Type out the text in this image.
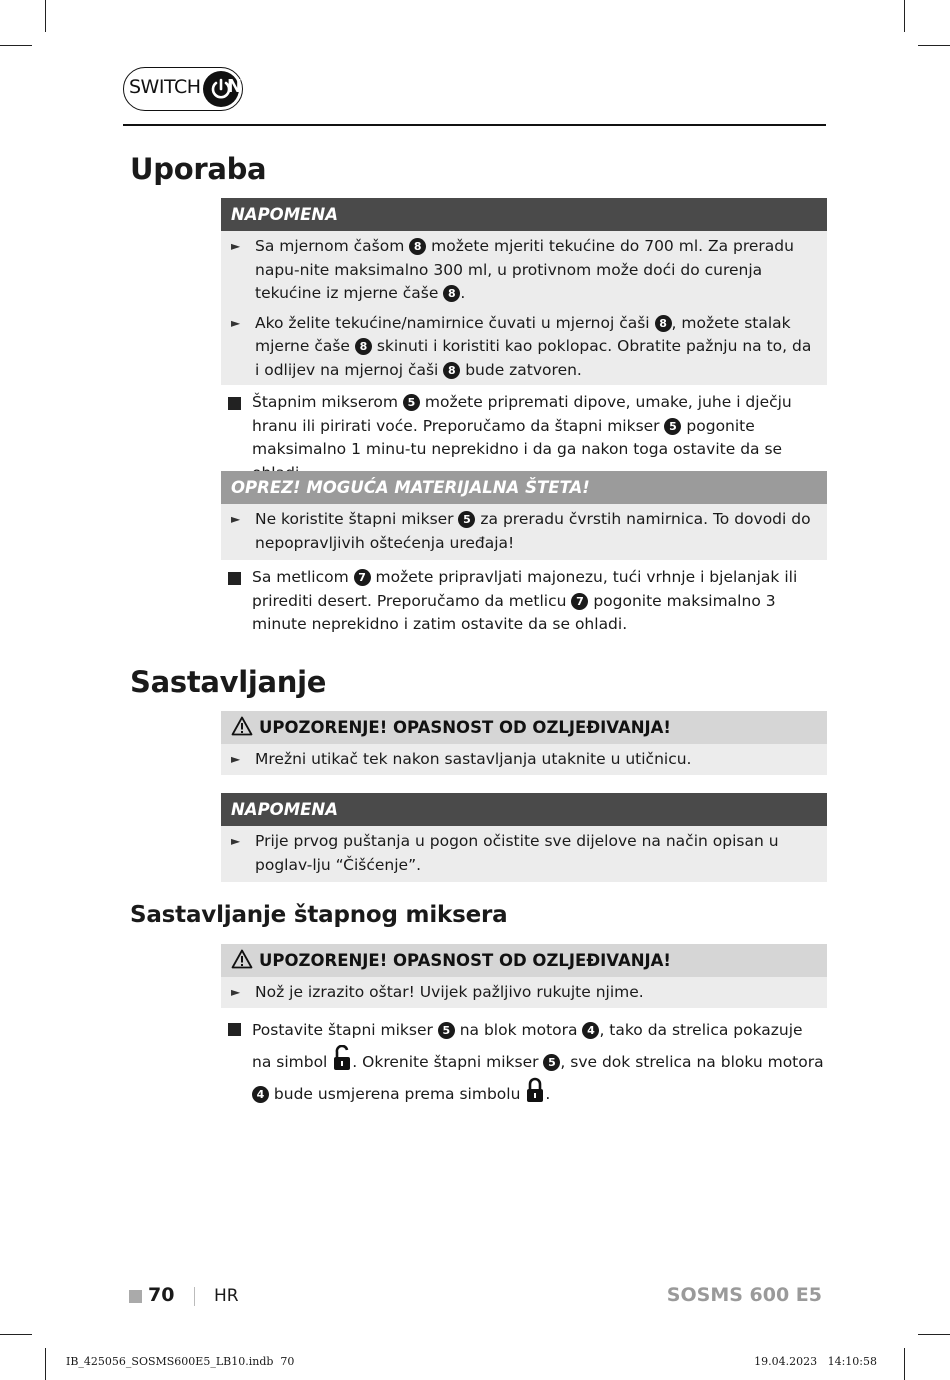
SWITCH N
Uporaba
NAPOMENA

► Sa mjernom čašom 8 možete mjeriti tekućine do 700 ml. Za preradu napu-nite maksimalno 300 ml, u protivnom može doći do curenja tekućine iz mjerne čaše 8 .

► Ako želite tekućine/namirnice čuvati u mjernoj čaši 8 , možete stalak mjerne čaše 8 skinuti i koristiti kao poklopac. Obratite pažnju na to, da i odlijev na mjernoj čaši 8 bude zatvoren.

Štapnim mikserom 5 možete pripremati dipove, umake, juhe i dječju hranu ili pirirati voće. Preporučamo da štapni mikser 5 pogonite maksimalno 1 minu-tu neprekidno i da ga nakon toga ostavite da se

OPREZ! MOGUĆA MATERIJALNA ŠTETA!

► Ne koristite štapni mikser 5 za preradu čvrstih namirnica. To dovodi do nepopravljivih oštećenja uređaja!

Sa metlicom 7 možete pripravljati majonezu, tući vrhnje i bjelanjak ili prirediti desert. Preporučamo da metlicu 7 pogonite maksimalno 3 minute neprekidno i zatim ostavite da se ohladi.

Sastavljanje
UPOZORENJE! OPASNOST OD OZLJEĐIVANJA!

► Mrežni utikač tek nakon sastavljanja utaknite u utičnicu.

NAPOMENA

► Prije prvog puštanja u pogon očistite sve dijelove na način opisan u poglav-lju “Čišćenje”.

Sastavljanje štapnog miksera
UPOZORENJE! OPASNOST OD OZLJEĐIVANJA!

► Nož je izrazito oštar! Uvijek pažljivo rukujte njime.

Postavite štapni mikser 5 na blok motora 4 , tako da strelica pokazuje na simbol . Okrenite štapni mikser 5 , sve dok strelica na bloku motora 4 bude usmjerena prema simbolu .

70 HR	SOSMS 600 E5
IB_425056_SOSMS600E5_LB10.indb  70	19.04.2023   14:10:58
